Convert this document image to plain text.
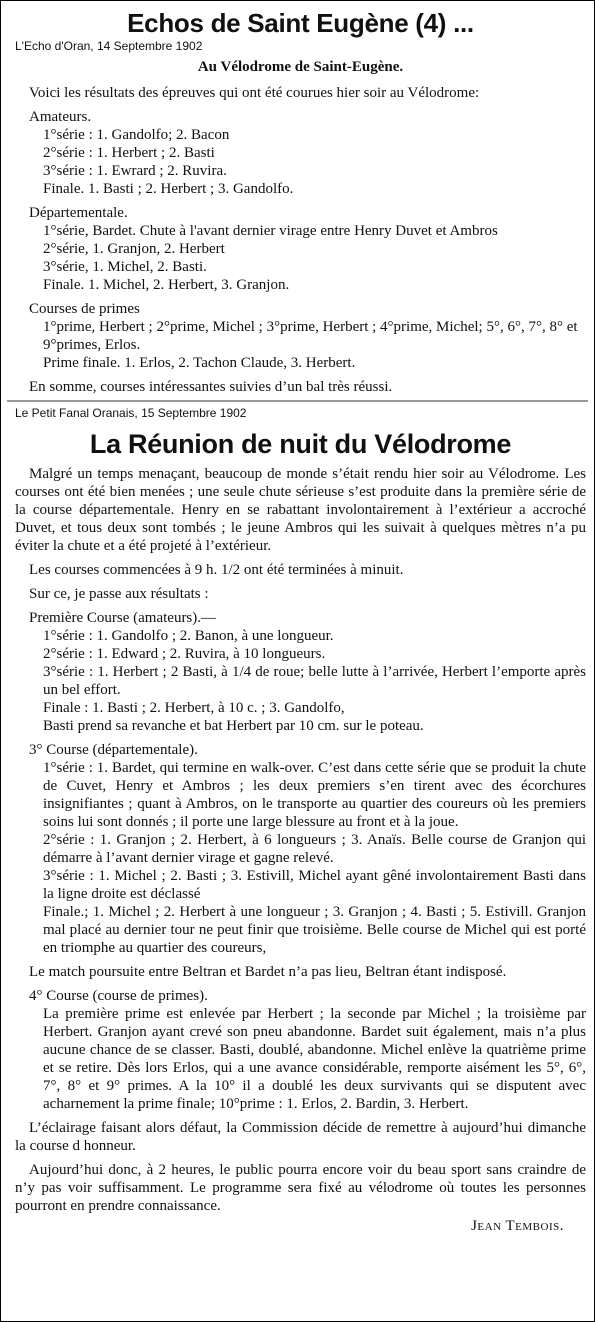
Echos de Saint Eugène (4) ...
L'Echo d'Oran, 14 Septembre 1902
Au Vélodrome de Saint-Eugène.

Voici les résultats des épreuves qui ont été courues hier soir au Vélodrome:

Amateurs.
1°série : 1. Gandolfo; 2. Bacon
2°série : 1. Herbert ; 2. Basti
3°série : 1. Ewrard ; 2. Ruvira.
Finale. 1. Basti ; 2. Herbert ; 3. Gandolfo.
Départementale.
1°série, Bardet. Chute à l'avant dernier virage entre Henry Duvet et Ambros
2°série, 1. Granjon, 2. Herbert
3°série, 1. Michel, 2. Basti.
Finale. 1. Michel, 2. Herbert, 3. Granjon.
Courses de primes
1°prime, Herbert ; 2°prime, Michel ; 3°prime, Herbert ; 4°prime, Michel; 5°, 6°, 7°, 8° et 9°primes, Erlos.
Prime finale. 1. Erlos, 2. Tachon Claude, 3. Herbert.

En somme, courses intéressantes suivies d’un bal très réussi.

Le Petit Fanal Oranais, 15 Septembre 1902
La Réunion de nuit du Vélodrome

Malgré un temps menaçant, beaucoup de monde s’était rendu hier soir au Vélodrome. Les courses ont été bien menées ; une seule chute sérieuse s’est produite dans la première série de la course départementale. Henry en se rabattant involontairement à l’extérieur a accroché Duvet, et tous deux sont tombés ; le jeune Ambros qui les suivait à quelques mètres n’a pu éviter la chute et a été projeté à l’extérieur.

Les courses commencées à 9 h. 1/2 ont été terminées à minuit.

Sur ce, je passe aux résultats :

Première Course (amateurs).—
1°série : 1. Gandolfo ; 2. Banon, à une longueur.
2°série : 1. Edward ; 2. Ruvira, à 10 longueurs.
3°série : 1. Herbert ; 2 Basti, à 1/4 de roue; belle lutte à l’arrivée, Herbert l’emporte après un bel effort.
Finale : 1. Basti ; 2. Herbert, à 10 c. ; 3. Gandolfo,
Basti prend sa revanche et bat Herbert par 10 cm. sur le poteau.
3° Course (départementale).
1°série : 1. Bardet, qui termine en walk-over. C’est dans cette série que se produit la chute de Cuvet, Henry et Ambros ; les deux premiers s’en tirent avec des écorchures insignifiantes ; quant à Ambros, on le transporte au quartier des coureurs où les premiers soins lui sont donnés ; il porte une large blessure au front et à la joue.
2°série : 1. Granjon ; 2. Herbert, à 6 longueurs ; 3. Anaïs. Belle course de Granjon qui démarre à l’avant dernier virage et gagne relevé.
3°série : 1. Michel ; 2. Basti ; 3. Estivill, Michel ayant gêné involontairement Basti dans la ligne droite est déclassé
Finale.; 1. Michel ; 2. Herbert à une longueur ; 3. Granjon ; 4. Basti ; 5. Estivill. Granjon mal placé au dernier tour ne peut finir que troisième. Belle course de Michel qui est porté en triomphe au quartier des coureurs,

Le match poursuite entre Beltran et Bardet n’a pas lieu, Beltran étant indisposé.

4° Course (course de primes).
La première prime est enlevée par Herbert ; la seconde par Michel ; la troisième par Herbert. Granjon ayant crevé son pneu abandonne. Bardet suit également, mais n’a plus aucune chance de se classer. Basti, doublé, abandonne. Michel enlève la quatrième prime et se retire. Dès lors Erlos, qui a une avance considérable, remporte aisément les 5°, 6°, 7°, 8° et 9° primes. A la 10° il a doublé les deux survivants qui se disputent avec acharnement la prime finale; 10°prime : 1. Erlos, 2. Bardin, 3. Herbert.

L’éclairage faisant alors défaut, la Commission décide de remettre à aujourd’hui dimanche la course d honneur.

Aujourd’hui donc, à 2 heures, le public pourra encore voir du beau sport sans craindre de n’y pas voir suffisamment. Le programme sera fixé au vélodrome où toutes les personnes pourront en prendre connaissance.

Jean Tembois.
